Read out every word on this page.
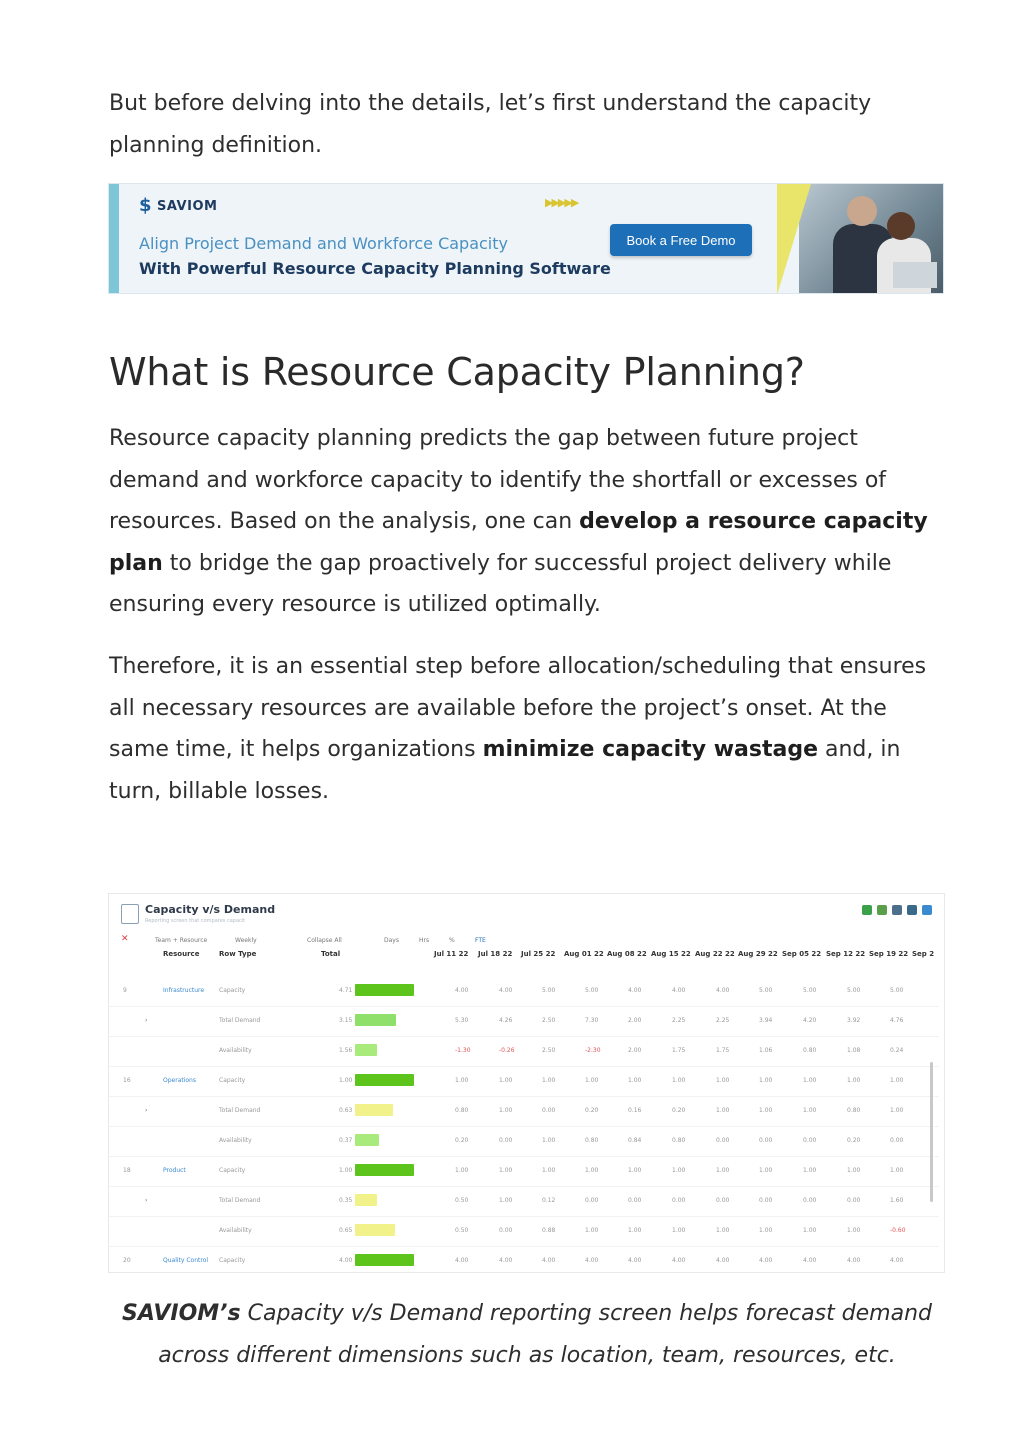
But before delving into the details, let’s first understand the capacity planning definition.

$ SAVIOM	▶▶▶▶▶
Align Project Demand and Workforce Capacity
With Powerful Resource Capacity Planning Software
Book a Free Demo
What is Resource Capacity Planning?

Resource capacity planning predicts the gap between future project demand and workforce capacity to identify the shortfall or excesses of resources. Based on the analysis, one can develop a resource capacity plan to bridge the gap proactively for successful project delivery while ensuring every resource is utilized optimally.

Therefore, it is an essential step before allocation/scheduling that ensures all necessary resources are available before the project’s onset. At the same time, it helps organizations minimize capacity wastage and, in turn, billable losses.

Capacity v/s Demand
Reporting screen that compares capacit
✕	Team + Resource	Weekly	Collapse All	Days	Hrs	%	FTE
Resource	Row Type	Total	Jul 11 22 Jul 18 22 Jul 25 22 Aug 01 22 Aug 08 22 Aug 15 22 Aug 22 22 Aug 29 22 Sep 05 22 Sep 12 22 Sep 19 22 Sep 2
9	Infrastructure Capacity	4.71	4.00	4.00	5.00	5.00	4.00	4.00	4.00	5.00	5.00	5.00	5.00
Total Demand	3.15	5.30	4.26	2.50	7.30	2.00	2.25	2.25	3.94	4.20	3.92	4.76
›
Availability	1.56	-1.30	-0.26	2.50	-2.30	2.00	1.75	1.75	1.06	0.80	1.08	0.24
16	Operations	Capacity	1.00	1.00	1.00	1.00	1.00	1.00	1.00	1.00	1.00	1.00	1.00	1.00
Total Demand	0.63	0.80	1.00	0.00	0.20	0.16	0.20	1.00	1.00	1.00	0.80	1.00
›
Availability	0.37	0.20	0.00	1.00	0.80	0.84	0.80	0.00	0.00	0.00	0.20	0.00
18	Product	Capacity	1.00	1.00	1.00	1.00	1.00	1.00	1.00	1.00	1.00	1.00	1.00	1.00
Total Demand	0.35	0.50	1.00	0.12	0.00	0.00	0.00	0.00	0.00	0.00	0.00	1.60
›
Availability	0.65	0.50	0.00	0.88	1.00	1.00	1.00	1.00	1.00	1.00	1.00	-0.60
20	Quality Control Capacity	4.00	4.00	4.00	4.00	4.00	4.00	4.00	4.00	4.00	4.00	4.00	4.00

SAVIOM’s Capacity v/s Demand reporting screen helps forecast demand across different dimensions such as location, team, resources, etc.
